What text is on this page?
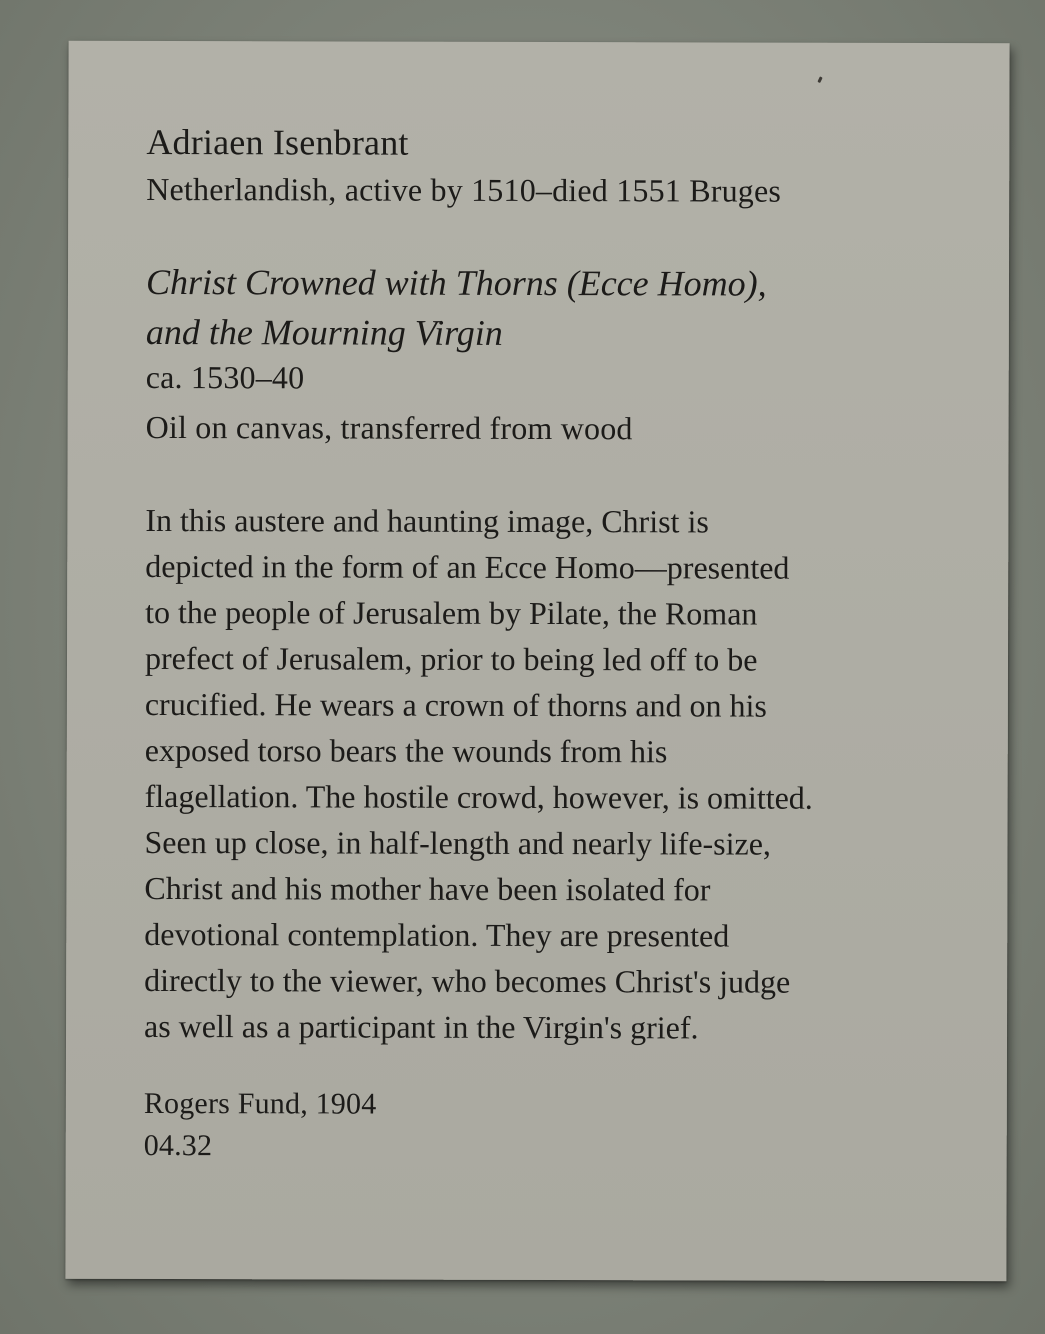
Adriaen Isenbrant
Netherlandish, active by 1510–died 1551 Bruges
Christ Crowned with Thorns (Ecce Homo),
and the Mourning Virgin
ca. 1530–40
Oil on canvas, transferred from wood
In this austere and haunting image, Christ is
depicted in the form of an Ecce Homo—presented
to the people of Jerusalem by Pilate, the Roman
prefect of Jerusalem, prior to being led off to be
crucified. He wears a crown of thorns and on his
exposed torso bears the wounds from his
flagellation. The hostile crowd, however, is omitted.
Seen up close, in half-length and nearly life-size,
Christ and his mother have been isolated for
devotional contemplation. They are presented
directly to the viewer, who becomes Christ's judge
as well as a participant in the Virgin's grief.
Rogers Fund, 1904
04.32
